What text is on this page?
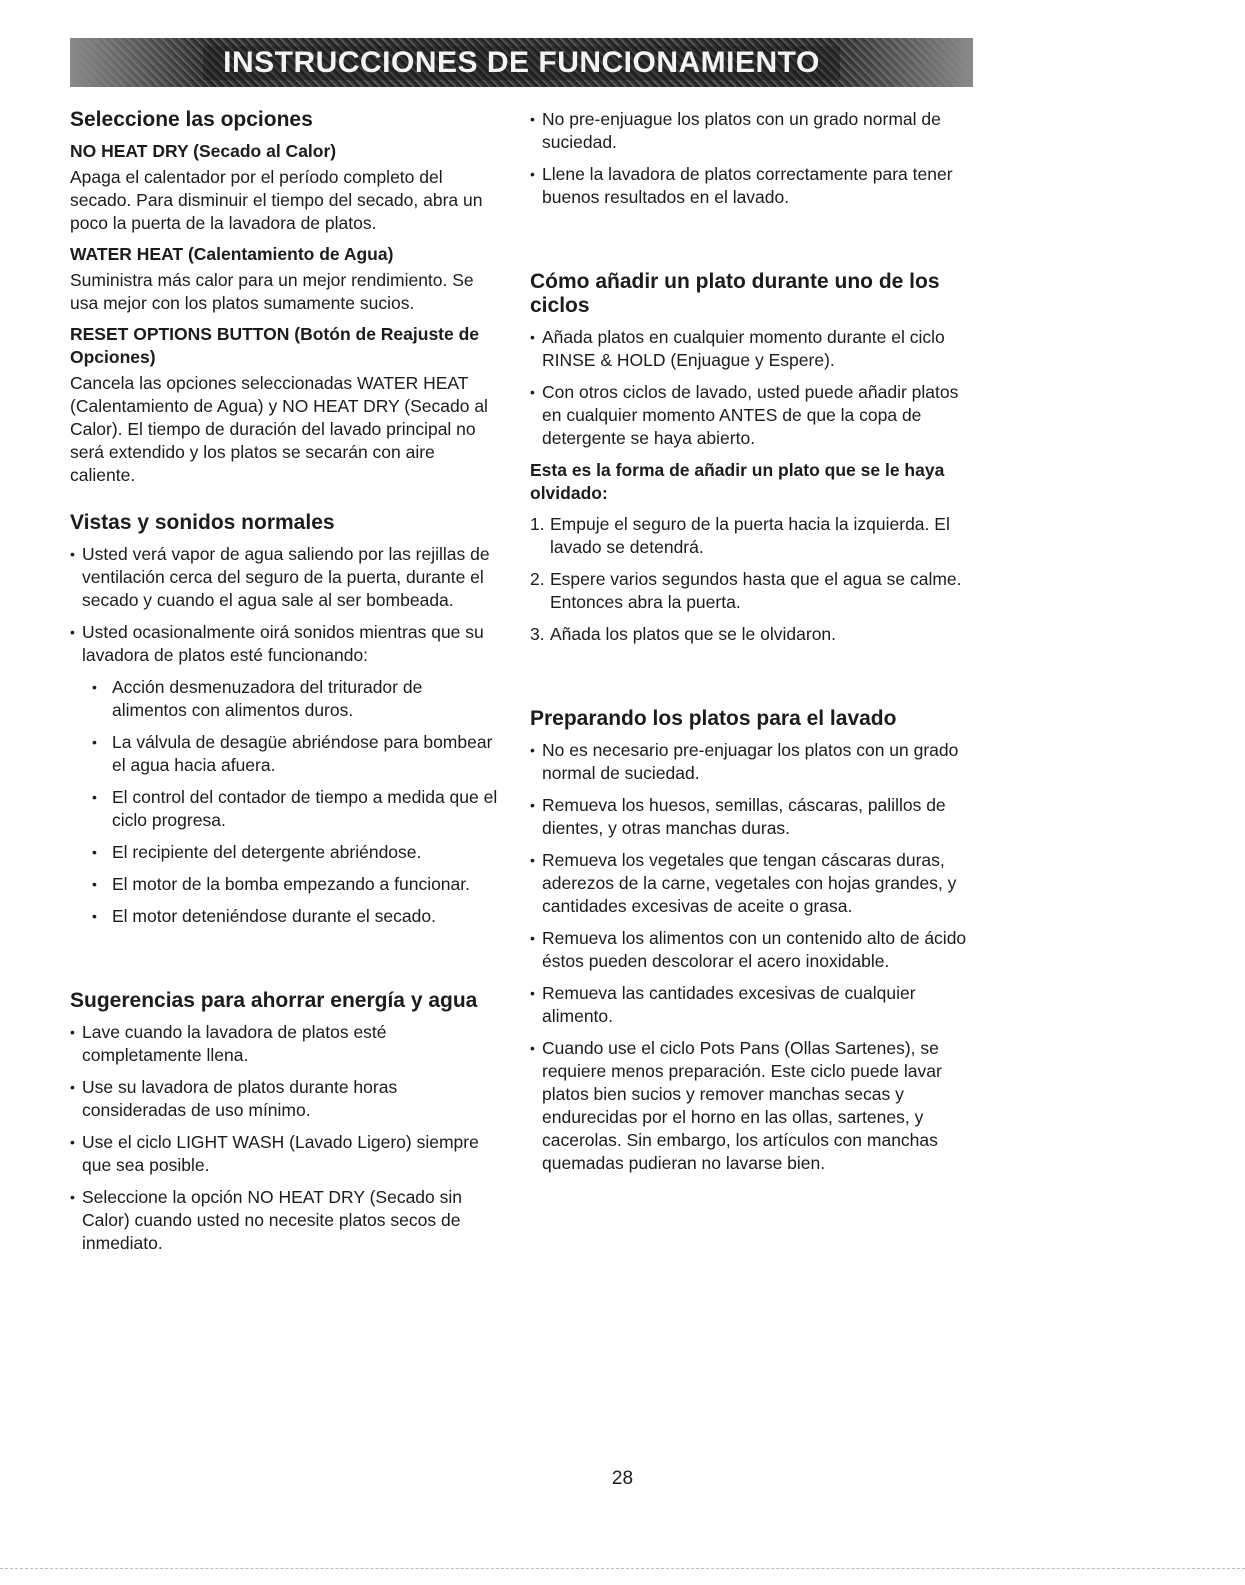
INSTRUCCIONES DE FUNCIONAMIENTO
Seleccione las opciones
NO HEAT DRY (Secado al Calor)

Apaga el calentador por el período completo del secado. Para disminuir el tiempo del secado, abra un poco la puerta de la lavadora de platos.

WATER HEAT (Calentamiento de Agua)

Suministra más calor para un mejor rendimiento. Se usa mejor con los platos sumamente sucios.

RESET OPTIONS BUTTON (Botón de Reajuste de Opciones)

Cancela las opciones seleccionadas WATER HEAT (Calentamiento de Agua) y NO HEAT DRY (Secado al Calor). El tiempo de duración del lavado principal no será extendido y los platos se secarán con aire caliente.

Vistas y sonidos normales
• Usted verá vapor de agua saliendo por las rejillas de ventilación cerca del seguro de la puerta, durante el secado y cuando el agua sale al ser bombeada.
• Usted ocasionalmente oirá sonidos mientras que su lavadora de platos esté funcionando:
• Acción desmenuzadora del triturador de alimentos con alimentos duros.
• La válvula de desagüe abriéndose para bombear el agua hacia afuera.
• El control del contador de tiempo a medida que el ciclo progresa.
• El recipiente del detergente abriéndose.
• El motor de la bomba empezando a funcionar.
• El motor deteniéndose durante el secado.
Sugerencias para ahorrar energía y agua
• Lave cuando la lavadora de platos esté completamente llena.
• Use su lavadora de platos durante horas consideradas de uso mínimo.
• Use el ciclo LIGHT WASH (Lavado Ligero) siempre que sea posible.
• Seleccione la opción NO HEAT DRY (Secado sin Calor) cuando usted no necesite platos secos de inmediato.
• No pre-enjuague los platos con un grado normal de suciedad.
• Llene la lavadora de platos correctamente para tener buenos resultados en el lavado.
Cómo añadir un plato durante uno de los ciclos
• Añada platos en cualquier momento durante el ciclo RINSE & HOLD (Enjuague y Espere).
• Con otros ciclos de lavado, usted puede añadir platos en cualquier momento ANTES de que la copa de detergente se haya abierto.
Esta es la forma de añadir un plato que se le haya olvidado:
1. Empuje el seguro de la puerta hacia la izquierda. El lavado se detendrá.
2. Espere varios segundos hasta que el agua se calme. Entonces abra la puerta.
3. Añada los platos que se le olvidaron.
Preparando los platos para el lavado
• No es necesario pre-enjuagar los platos con un grado normal de suciedad.
• Remueva los huesos, semillas, cáscaras, palillos de dientes, y otras manchas duras.
• Remueva los vegetales que tengan cáscaras duras, aderezos de la carne, vegetales con hojas grandes, y cantidades excesivas de aceite o grasa.
• Remueva los alimentos con un contenido alto de ácido éstos pueden descolorar el acero inoxidable.
• Remueva las cantidades excesivas de cualquier alimento.
• Cuando use el ciclo Pots Pans (Ollas Sartenes), se requiere menos preparación. Este ciclo puede lavar platos bien sucios y remover manchas secas y endurecidas por el horno en las ollas, sartenes, y cacerolas. Sin embargo, los artículos con manchas quemadas pudieran no lavarse bien.
28
